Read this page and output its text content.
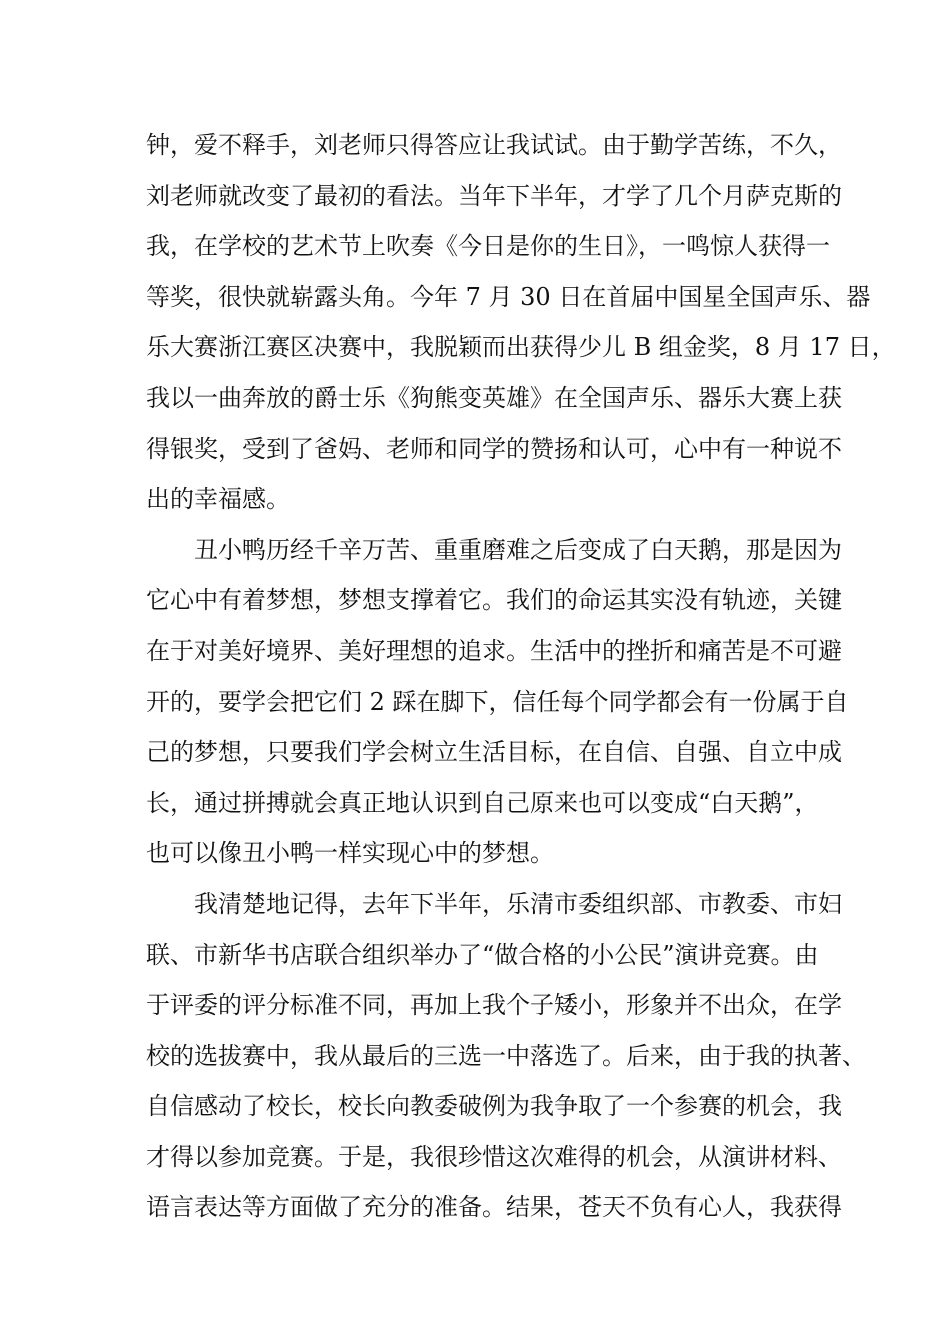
钟，爱不释手，刘老师只得答应让我试试。由于勤学苦练，不久，
刘老师就改变了最初的看法。当年下半年，才学了几个月萨克斯的
我，在学校的艺术节上吹奏《今日是你的生日》，一鸣惊人获得一
等奖，很快就崭露头角。今年 7 月 30 日在首届中国星全国声乐、器
乐大赛浙江赛区决赛中，我脱颖而出获得少儿 B 组金奖，8 月 17 日，
我以一曲奔放的爵士乐《狗熊变英雄》在全国声乐、器乐大赛上获
得银奖，受到了爸妈、老师和同学的赞扬和认可，心中有一种说不
出的幸福感。
丑小鸭历经千辛万苦、重重磨难之后变成了白天鹅，那是因为
它心中有着梦想，梦想支撑着它。我们的命运其实没有轨迹，关键
在于对美好境界、美好理想的追求。生活中的挫折和痛苦是不可避
开的，要学会把它们 2 踩在脚下，信任每个同学都会有一份属于自
己的梦想，只要我们学会树立生活目标，在自信、自强、自立中成
长，通过拼搏就会真正地认识到自己原来也可以变成“白天鹅”，
也可以像丑小鸭一样实现心中的梦想。
我清楚地记得，去年下半年，乐清市委组织部、市教委、市妇
联、市新华书店联合组织举办了“做合格的小公民”演讲竞赛。由
于评委的评分标准不同，再加上我个子矮小，形象并不出众，在学
校的选拔赛中，我从最后的三选一中落选了。后来，由于我的执著、
自信感动了校长，校长向教委破例为我争取了一个参赛的机会，我
才得以参加竞赛。于是，我很珍惜这次难得的机会，从演讲材料、
语言表达等方面做了充分的准备。结果，苍天不负有心人，我获得
